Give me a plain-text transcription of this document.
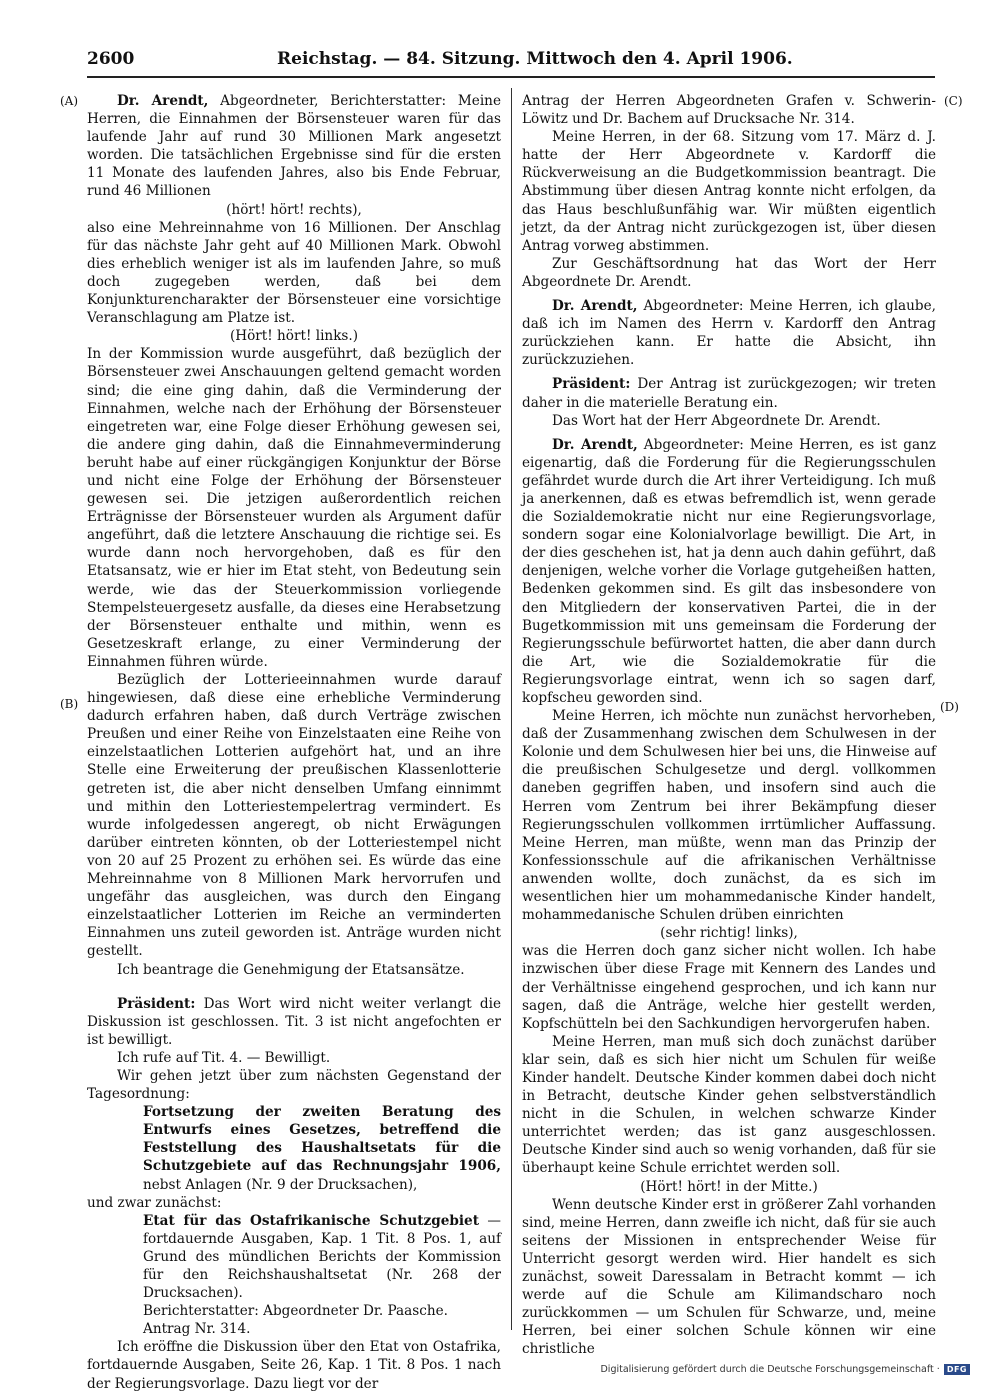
2600	Reichstag. — 84. Sitzung. Mittwoch den 4. April 1906.
(A)
(B)
(C)
(D)

Dr. Arendt, Abgeordneter, Berichterstatter: Meine Herren, die Einnahmen der Börsensteuer waren für das laufende Jahr auf rund 30 Millionen Mark angesetzt worden. Die tatsächlichen Ergebnisse sind für die ersten 11 Monate des laufenden Jahres, also bis Ende Februar, rund 46 Millionen

(hört! hört! rechts),

also eine Mehreinnahme von 16 Millionen. Der Anschlag für das nächste Jahr geht auf 40 Millionen Mark. Obwohl dies erheblich weniger ist als im laufenden Jahre, so muß doch zugegeben werden, daß bei dem Konjunkturencharakter der Börsensteuer eine vorsichtige Veranschlagung am Platze ist.

(Hört! hört! links.)

In der Kommission wurde ausgeführt, daß bezüglich der Börsensteuer zwei Anschauungen geltend gemacht worden sind; die eine ging dahin, daß die Verminderung der Einnahmen, welche nach der Erhöhung der Börsensteuer eingetreten war, eine Folge dieser Erhöhung gewesen sei, die andere ging dahin, daß die Einnahmeverminderung beruht habe auf einer rückgängigen Konjunktur der Börse und nicht eine Folge der Erhöhung der Börsensteuer gewesen sei. Die jetzigen außerordentlich reichen Erträgnisse der Börsensteuer wurden als Argument dafür angeführt, daß die letztere Anschauung die richtige sei. Es wurde dann noch hervorgehoben, daß es für den Etatsansatz, wie er hier im Etat steht, von Bedeutung sein werde, wie das der Steuerkommission vorliegende Stempelsteuergesetz ausfalle, da dieses eine Herabsetzung der Börsensteuer enthalte und mithin, wenn es Gesetzeskraft erlange, zu einer Verminderung der Einnahmen führen würde.

Bezüglich der Lotterieeinnahmen wurde darauf hingewiesen, daß diese eine erhebliche Verminderung dadurch erfahren haben, daß durch Verträge zwischen Preußen und einer Reihe von Einzelstaaten eine Reihe von einzelstaatlichen Lotterien aufgehört hat, und an ihre Stelle eine Erweiterung der preußischen Klassenlotterie getreten ist, die aber nicht denselben Umfang einnimmt und mithin den Lotteriestempelertrag vermindert. Es wurde infolgedessen angeregt, ob nicht Erwägungen darüber eintreten könnten, ob der Lotteriestempel nicht von 20 auf 25 Prozent zu erhöhen sei. Es würde das eine Mehreinnahme von 8 Millionen Mark hervorrufen und ungefähr das ausgleichen, was durch den Eingang einzelstaatlicher Lotterien im Reiche an verminderten Einnahmen uns zuteil geworden ist. Anträge wurden nicht gestellt.

Ich beantrage die Genehmigung der Etatsansätze.

Präsident: Das Wort wird nicht weiter verlangt die Diskussion ist geschlossen. Tit. 3 ist nicht angefochten er ist bewilligt.

Ich rufe auf Tit. 4. — Bewilligt.

Wir gehen jetzt über zum nächsten Gegenstand der Tagesordnung:

Fortsetzung der zweiten Beratung des Entwurfs eines Gesetzes, betreffend die Feststellung des Haushaltsetats für die Schutzgebiete auf das Rechnungsjahr 1906, nebst Anlagen (Nr. 9 der Drucksachen),

und zwar zunächst:

Etat für das Ostafrikanische Schutzgebiet — fortdauernde Ausgaben, Kap. 1 Tit. 8 Pos. 1, auf Grund des mündlichen Berichts der Kommission für den Reichshaushaltsetat (Nr. 268 der Drucksachen).

Berichterstatter: Abgeordneter Dr. Paasche.

Antrag Nr. 314.

Ich eröffne die Diskussion über den Etat von Ostafrika, fortdauernde Ausgaben, Seite 26, Kap. 1 Tit. 8 Pos. 1 nach der Regierungsvorlage. Dazu liegt vor der

Antrag der Herren Abgeordneten Grafen v. Schwerin-Löwitz und Dr. Bachem auf Drucksache Nr. 314.

Meine Herren, in der 68. Sitzung vom 17. März d. J. hatte der Herr Abgeordnete v. Kardorff die Rückverweisung an die Budgetkommission beantragt. Die Abstimmung über diesen Antrag konnte nicht erfolgen, da das Haus beschlußunfähig war. Wir müßten eigentlich jetzt, da der Antrag nicht zurückgezogen ist, über diesen Antrag vorweg abstimmen.

Zur Geschäftsordnung hat das Wort der Herr Abgeordnete Dr. Arendt.

Dr. Arendt, Abgeordneter: Meine Herren, ich glaube, daß ich im Namen des Herrn v. Kardorff den Antrag zurückziehen kann. Er hatte die Absicht, ihn zurückzuziehen.

Präsident: Der Antrag ist zurückgezogen; wir treten daher in die materielle Beratung ein.

Das Wort hat der Herr Abgeordnete Dr. Arendt.

Dr. Arendt, Abgeordneter: Meine Herren, es ist ganz eigenartig, daß die Forderung für die Regierungsschulen gefährdet wurde durch die Art ihrer Verteidigung. Ich muß ja anerkennen, daß es etwas befremdlich ist, wenn gerade die Sozialdemokratie nicht nur eine Regierungsvorlage, sondern sogar eine Kolonialvorlage bewilligt. Die Art, in der dies geschehen ist, hat ja denn auch dahin geführt, daß denjenigen, welche vorher die Vorlage gutgeheißen hatten, Bedenken gekommen sind. Es gilt das insbesondere von den Mitgliedern der konservativen Partei, die in der Bugetkommission mit uns gemeinsam die Forderung der Regierungsschule befürwortet hatten, die aber dann durch die Art, wie die Sozialdemokratie für die Regierungsvorlage eintrat, wenn ich so sagen darf, kopfscheu geworden sind.

Meine Herren, ich möchte nun zunächst hervorheben, daß der Zusammenhang zwischen dem Schulwesen in der Kolonie und dem Schulwesen hier bei uns, die Hinweise auf die preußischen Schulgesetze und dergl. vollkommen daneben gegriffen haben, und insofern sind auch die Herren vom Zentrum bei ihrer Bekämpfung dieser Regierungsschulen vollkommen irrtümlicher Auffassung. Meine Herren, man müßte, wenn man das Prinzip der Konfessionsschule auf die afrikanischen Verhältnisse anwenden wollte, doch zunächst, da es sich im wesentlichen hier um mohammedanische Kinder handelt, mohammedanische Schulen drüben einrichten

(sehr richtig! links),

was die Herren doch ganz sicher nicht wollen. Ich habe inzwischen über diese Frage mit Kennern des Landes und der Verhältnisse eingehend gesprochen, und ich kann nur sagen, daß die Anträge, welche hier gestellt werden, Kopfschütteln bei den Sachkundigen hervorgerufen haben.

Meine Herren, man muß sich doch zunächst darüber klar sein, daß es sich hier nicht um Schulen für weiße Kinder handelt. Deutsche Kinder kommen dabei doch nicht in Betracht, deutsche Kinder gehen selbstverständlich nicht in die Schulen, in welchen schwarze Kinder unterrichtet werden; das ist ganz ausgeschlossen. Deutsche Kinder sind auch so wenig vorhanden, daß für sie überhaupt keine Schule errichtet werden soll.

(Hört! hört! in der Mitte.)

Wenn deutsche Kinder erst in größerer Zahl vorhanden sind, meine Herren, dann zweifle ich nicht, daß für sie auch seitens der Missionen in entsprechender Weise für Unterricht gesorgt werden wird. Hier handelt es sich zunächst, soweit Daressalam in Betracht kommt — ich werde auf die Schule am Kilimandscharo noch zurückkommen — um Schulen für Schwarze, und, meine Herren, bei einer solchen Schule können wir eine christliche

Digitalisierung gefördert durch die Deutsche Forschungsgemeinschaft · DFG
